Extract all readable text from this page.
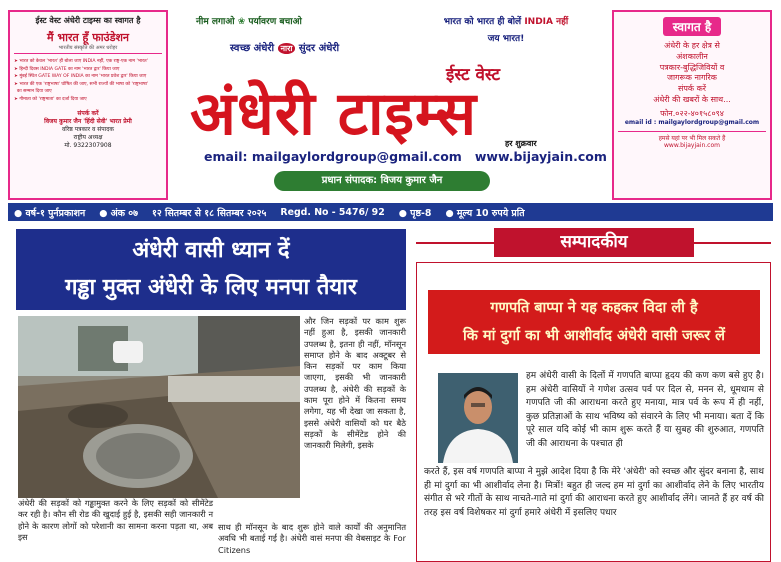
ईस्ट वेस्ट अंधेरी टाइम्स का स्वागत है
मैं भारत हूँ फाउंडेशन
भारतीय संस्कृति की अमर धरोहर
➤ भारत को केवल 'भारत' ही बोला जाए INDIA नहीं, एक राष्ट्र-एक नाम 'भारत'
➤ हिन्दी दिवस INDIA GATE का नाम 'भारत द्वार' किया जाए
➤ मुंबई स्थित GATE WAY OF INDIA का नाम 'भारत प्रवेश द्वार' किया जाए
➤ भारत की एक 'राष्ट्रभाषा' घोषित की जाए, सभी राज्यों की भाषा को 'राष्ट्रभाषा'
का सम्मान दिया जाए
➤ गौमाता को 'राष्ट्रमाता' का दर्जा दिया जाए
संपर्क करें
विजय कुमार जैन 'हिंदी सेवी' भारत प्रेमी
वरिष्ठ पत्रकार व संपादक
राष्ट्रीय अध्यक्ष
मो. 9322307908
स्वागत है
अंधेरी के हर क्षेत्र से
अंशकालीन
पत्रकार-बुद्धिजिवियों व
जागरूक नागरिक
संपर्क करें
अंधेरी की खबरों के साथ...
फोन.०२२-४०१५८०९४
email id : mailgaylordgroup@gmail.com
हमसे यहां पर भी मिल सकते हैं
www.bijayjain.com
नीम लगाओ ❀ पर्यावरण बचाओ	भारत को भारत ही बोलें INDIA नहीं
जय भारत!
स्वच्छ अंधेरी नारा सुंदर अंधेरी
ईस्ट वेस्ट
अंधेरी टाइम्स	हर शुक्रवार
email: mailgaylordgroup@gmail.com www.bijayjain.com
प्रधान संपादक: विजय कुमार जैन
● वर्ष-१ पुर्नप्रकाशन ● अंक ०७ १२ सितम्बर से १८ सितम्बर २०२५ Regd. No - 5476/ 92 ● पृष्ठ-8 ● मूल्य 10 रुपये प्रति
अंधेरी वासी ध्यान दें
गड्ढा मुक्त अंधेरी के लिए मनपा तैयार
और जिन सड़कों पर काम शुरू नहीं हुआ है, इसकी जानकारी उपलब्ध है, इतना ही नहीं, मॉनसून समाप्त होने के बाद अक्टूबर से किन सड़कों पर काम किया जाएगा, इसकी भी जानकारी उपलब्ध है, अंधेरी की सड़कों के काम पूरा होने में कितना समय लगेगा, यह भी देखा जा सकता है, इससे अंधेरी वासियों को घर बैठे सड़कों के सीमेंटेड होने की जानकारी मिलेगी, इसके
अंधेरी की सड़कों को गड्ढामुक्त करने के लिए सड़कों को सीमेंटेड कर रही है। कौन सी रोड की खुदाई हुई है, इसकी सही जानकारी न होने के कारण लोगों को परेशानी का सामना करना पड़ता था, अब इस
साथ ही मॉनसून के बाद शुरू होने वाले कार्यों की अनुमानित अवधि भी बताई गई है। अंधेरी वासं मनपा की वेबसाइट के For Citizens
सम्पादकीय
गणपति बाप्पा ने यह कहकर विदा ली है
कि मां दुर्गा का भी आशीर्वाद अंधेरी वासी जरूर लें
हम अंधेरी वासी के दिलों में गणपति बाप्पा हृदय की कण कण बसे हुए है। हम अंधेरी वासियों ने गणेश उत्सव पर्व पर दिल से, मनन से, धूमधाम से गणपति जी की आराधना करते हुए मनाया, मात्र पर्व के रूप में ही नहीं, कुछ प्रतिज्ञाओं के साथ भविष्य को संवारने के लिए भी मनाया। बता दें कि पूरे साल यदि कोई भी काम शुरू करते हैं या सुबह की शुरुआत, गणपति जी की आराधना के पश्चात ही
करते हैं, इस वर्ष गणपति बाप्पा ने मुझे आदेश दिया है कि मेरे 'अंधेरी' को स्वच्छ और सुंदर बनाना है, साथ ही मां दुर्गा का भी आशीर्वाद लेना है। मित्रों! बहुत ही जल्द हम मां दुर्गा का आशीर्वाद लेने के लिए भारतीय संगीत से भरे गीतों के साथ नाचते-गाते मां दुर्गा की आराधना करते हुए आशीर्वाद लेंगे। जानते हैं हर वर्ष की तरह इस वर्ष विशेषकर मां दुर्गा हमारे अंधेरी में इसलिए पधार
